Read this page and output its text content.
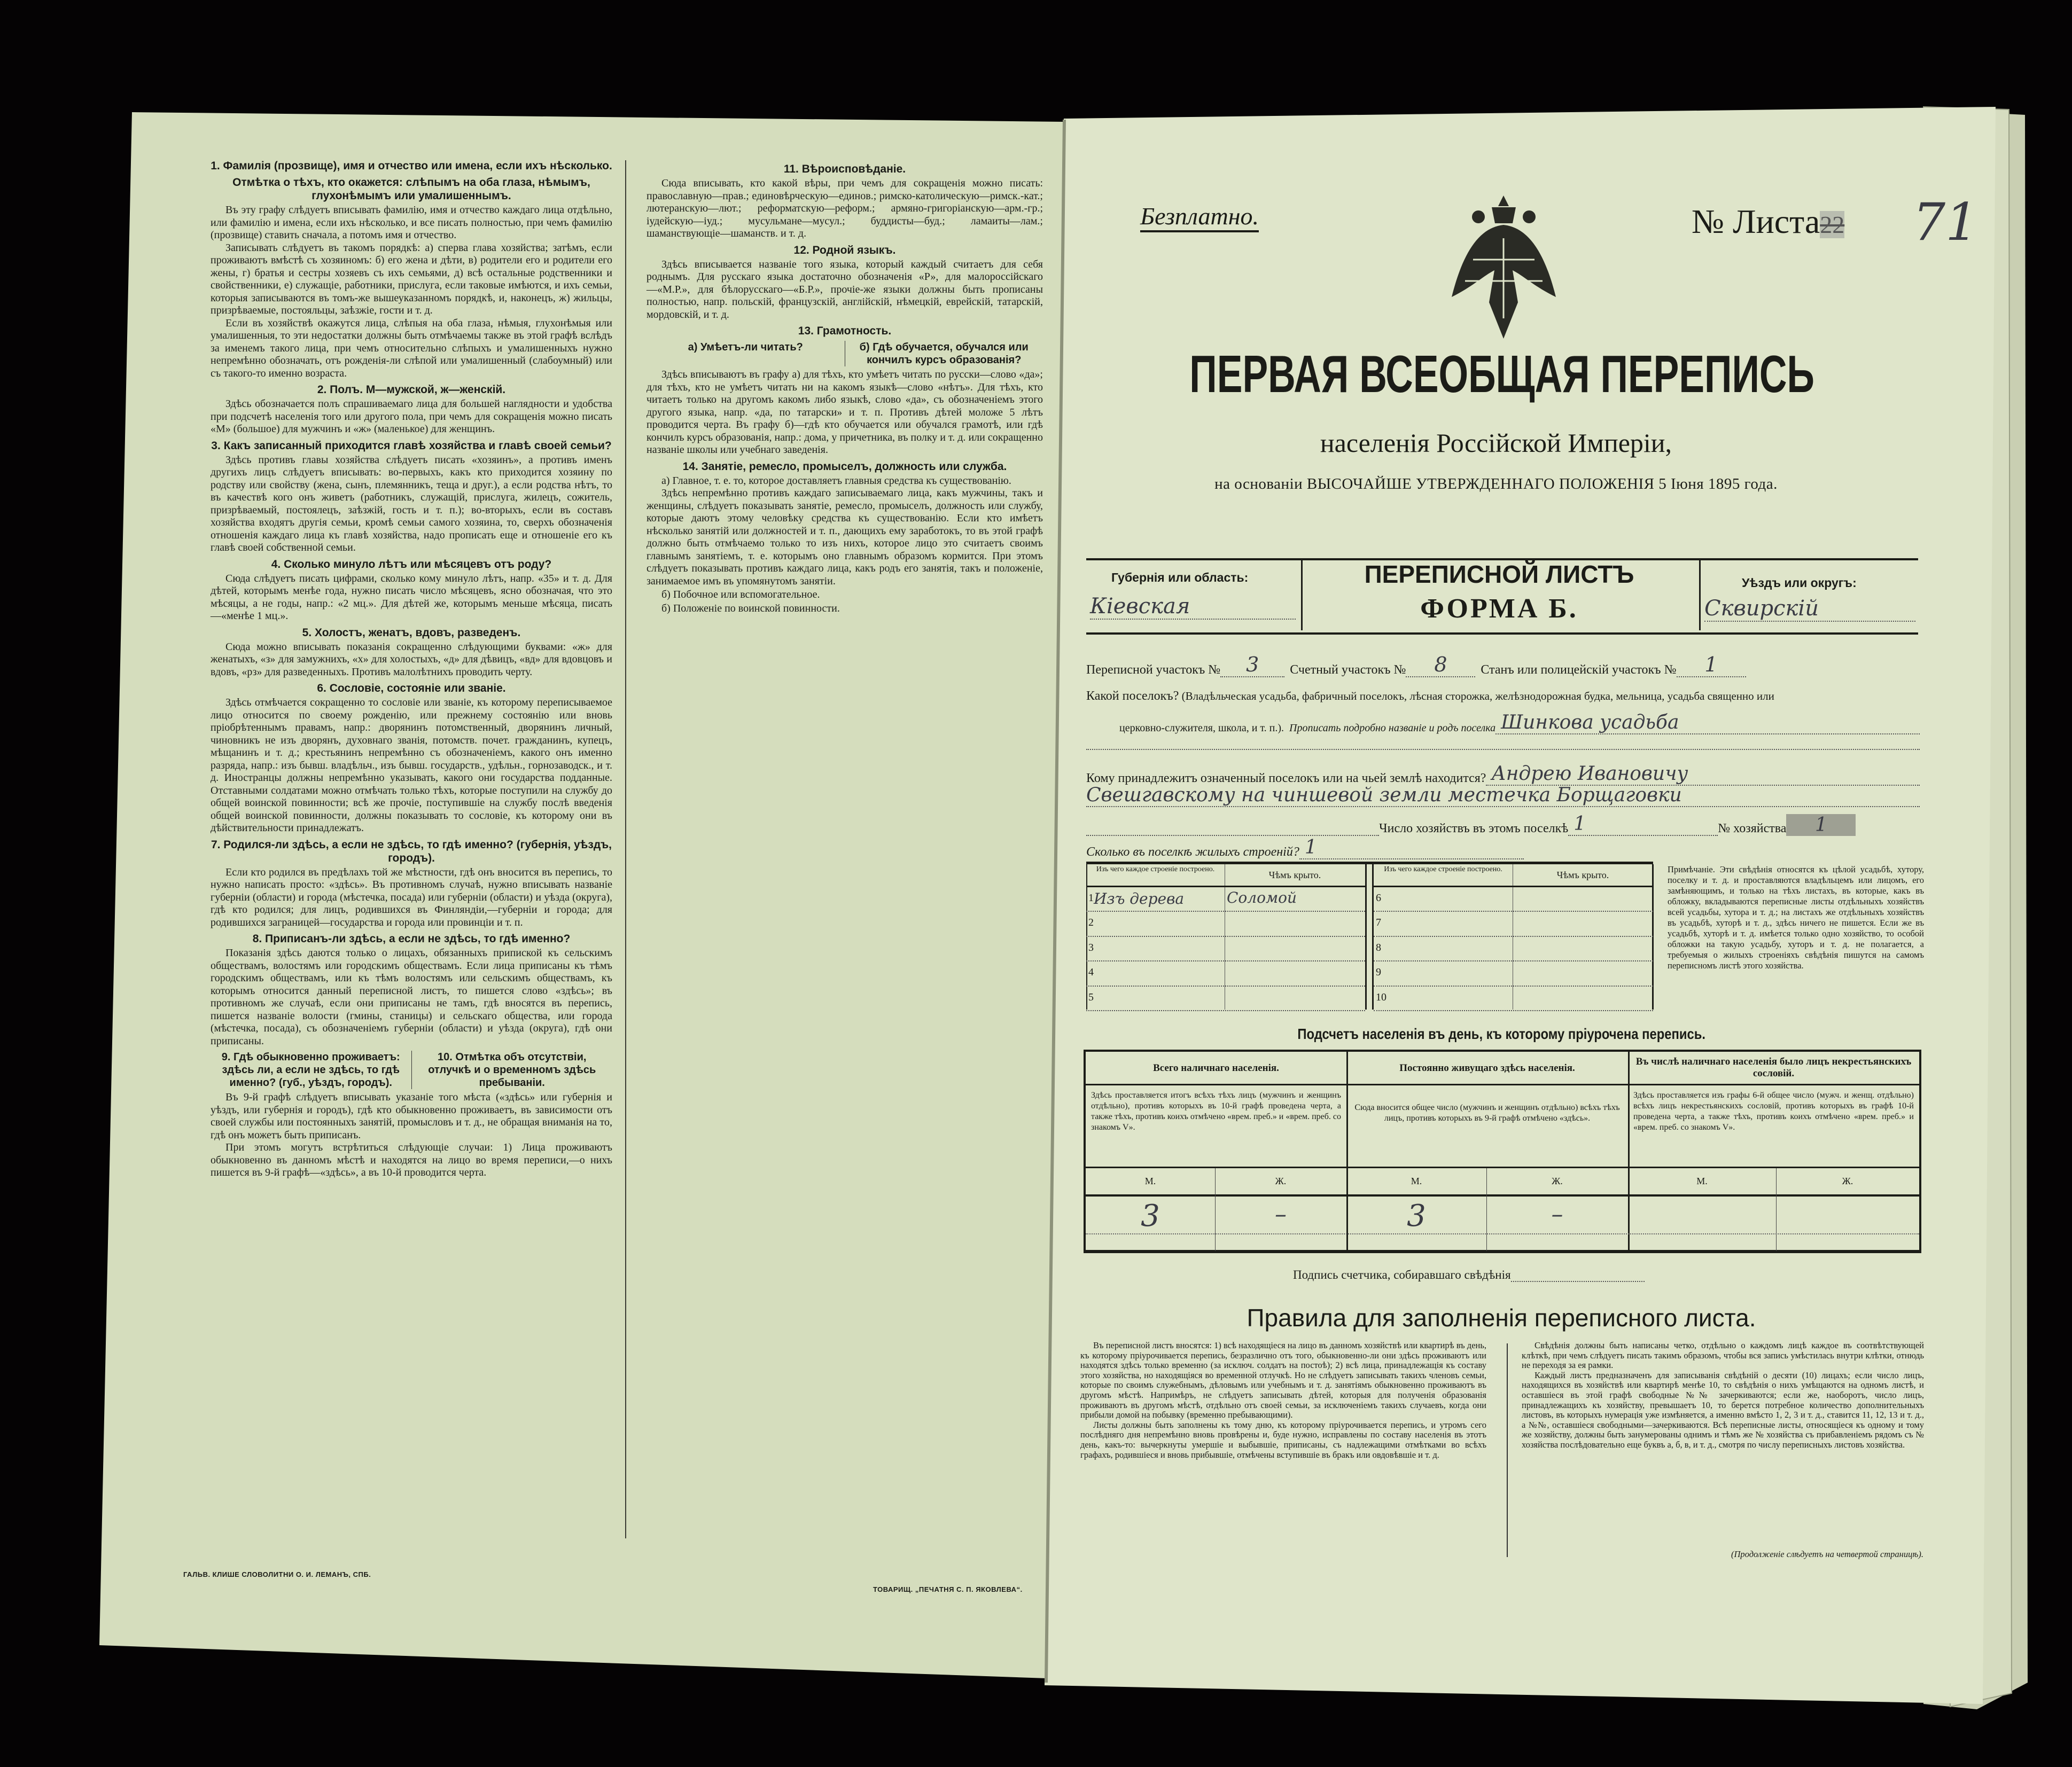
1. Фамилія (прозвище), имя и отчество или имена, если ихъ нѣсколько.
Отмѣтка о тѣхъ, кто окажется: слѣпымъ на оба глаза, нѣмымъ, глухонѣмымъ или умалишеннымъ.

Въ эту графу слѣдуетъ вписывать фамилію, имя и отчество каждаго лица отдѣльно, или фамилію и имена, если ихъ нѣсколько, и все писать полностью, при чемъ фамилію (прозвище) ставить сначала, а потомъ имя и отчество.

Записывать слѣдуетъ въ такомъ порядкѣ: а) сперва глава хозяйства; затѣмъ, если проживаютъ вмѣстѣ съ хозяиномъ: б) его жена и дѣти, в) родители его и родители его жены, г) братья и сестры хозяевъ съ ихъ семьями, д) всѣ остальные родственники и свойственники, е) служащіе, работники, прислуга, если таковые имѣются, и ихъ семьи, которыя записываются въ томъ-же вышеуказанномъ порядкѣ, и, наконецъ, ж) жильцы, призрѣваемые, постояльцы, заѣзжіе, гости и т. д.

Если въ хозяйствѣ окажутся лица, слѣпыя на оба глаза, нѣмыя, глухонѣмыя или умалишенныя, то эти недостатки должны быть отмѣчаемы также въ этой графѣ вслѣдъ за именемъ такого лица, при чемъ относительно слѣпыхъ и умалишенныхъ нужно непремѣнно обозначать, отъ рожденія-ли слѣпой или умалишенный (слабоумный) или съ такого-то именно возраста.

2. Полъ. М—мужской, ж—женскій.

Здѣсь обозначается полъ спрашиваемаго лица для большей наглядности и удобства при подсчетѣ населенія того или другого пола, при чемъ для сокращенія можно писать «М» (большое) для мужчинъ и «ж» (маленькое) для женщинъ.

3. Какъ записанный приходится главѣ хозяйства и главѣ своей семьи?

Здѣсь противъ главы хозяйства слѣдуетъ писать «хозяинъ», а противъ именъ другихъ лицъ слѣдуетъ вписывать: во-первыхъ, какъ кто приходится хозяину по родству или свойству (жена, сынъ, племянникъ, теща и друг.), а если родства нѣтъ, то въ качествѣ кого онъ живетъ (работникъ, служащій, прислуга, жилецъ, сожитель, призрѣваемый, постоялецъ, заѣзжій, гость и т. п.); во-вторыхъ, если въ составъ хозяйства входятъ другія семьи, кромѣ семьи самого хозяина, то, сверхъ обозначенія отношенія каждаго лица къ главѣ хозяйства, надо прописать еще и отношеніе его къ главѣ своей собственной семьи.

4. Сколько минуло лѣтъ или мѣсяцевъ отъ роду?

Сюда слѣдуетъ писать цифрами, сколько кому минуло лѣтъ, напр. «35» и т. д. Для дѣтей, которымъ менѣе года, нужно писать число мѣсяцевъ, ясно обозначая, что это мѣсяцы, а не годы, напр.: «2 мц.». Для дѣтей же, которымъ меньше мѣсяца, писать—«менѣе 1 мц.».

5. Холостъ, женатъ, вдовъ, разведенъ.

Сюда можно вписывать показанія сокращенно слѣдующими буквами: «ж» для женатыхъ, «з» для замужнихъ, «х» для холостыхъ, «д» для дѣвицъ, «вд» для вдовцовъ и вдовъ, «рз» для разведенныхъ. Противъ малолѣтнихъ проводить черту.

6. Сословіе, состояніе или званіе.

Здѣсь отмѣчается сокращенно то сословіе или званіе, къ которому переписываемое лицо относится по своему рожденію, или прежнему состоянію или вновь пріобрѣтеннымъ правамъ, напр.: дворянинъ потомственный, дворянинъ личный, чиновникъ не изъ дворянъ, духовнаго званія, потомств. почет. гражданинъ, купецъ, мѣщанинъ и т. д.; крестьянинъ непремѣнно съ обозначеніемъ, какого онъ именно разряда, напр.: изъ бывш. владѣльч., изъ бывш. государств., удѣльн., горнозаводск., и т. д. Иностранцы должны непремѣнно указывать, какого они государства подданные. Отставными солдатами можно отмѣчать только тѣхъ, которые поступили на службу до общей воинской повинности; всѣ же прочіе, поступившіе на службу послѣ введенія общей воинской повинности, должны показывать то сословіе, къ которому они въ дѣйствительности принадлежатъ.

7. Родился-ли здѣсь, а если не здѣсь, то гдѣ именно? (губернія, уѣздъ, городъ).

Если кто родился въ предѣлахъ той же мѣстности, гдѣ онъ вносится въ перепись, то нужно написать просто: «здѣсь». Въ противномъ случаѣ, нужно вписывать названіе губерніи (области) и города (мѣстечка, посада) или губерніи (области) и уѣзда (округа), гдѣ кто родился; для лицъ, родившихся въ Финляндіи,—губерніи и города; для родившихся заграницей—государства и города или провинціи и т. п.

8. Приписанъ-ли здѣсь, а если не здѣсь, то гдѣ именно?

Показанія здѣсь даются только о лицахъ, обязанныхъ припиской къ сельскимъ обществамъ, волостямъ или городскимъ обществамъ. Если лица приписаны къ тѣмъ городскимъ обществамъ, или къ тѣмъ волостямъ или сельскимъ обществамъ, къ которымъ относится данный переписной листъ, то пишется слово «здѣсь»; въ противномъ же случаѣ, если они приписаны не тамъ, гдѣ вносятся въ перепись, пишется названіе волости (гмины, станицы) и сельскаго общества, или города (мѣстечка, посада), съ обозначеніемъ губерніи (области) и уѣзда (округа), гдѣ они приписаны.

9. Гдѣ обыкновенно проживаетъ: здѣсь ли, а если не здѣсь, то гдѣ именно? (губ., уѣздъ, городъ).
10. Отмѣтка объ отсутствіи, отлучкѣ и о временномъ здѣсь пребываніи.

Въ 9-й графѣ слѣдуетъ вписывать указаніе того мѣста («здѣсь» или губернія и уѣздъ, или губернія и городъ), гдѣ кто обыкновенно проживаетъ, въ зависимости отъ своей службы или постоянныхъ занятій, промысловъ и т. д., не обращая вниманія на то, гдѣ онъ можетъ быть приписанъ.

При этомъ могутъ встрѣтиться слѣдующіе случаи: 1) Лица проживаютъ обыкновенно въ данномъ мѣстѣ и находятся на лицо во время переписи,—о нихъ пишется въ 9-й графѣ—«здѣсь», а въ 10-й проводится черта.

11. Вѣроисповѣданіе.

Сюда вписывать, кто какой вѣры, при чемъ для сокращенія можно писать: православную—прав.; единовѣрческую—единов.; римско-католическую—римск.-кат.; лютеранскую—лют.; реформатскую—реформ.; армяно-григоріанскую—арм.-гр.; іудейскую—іуд.; мусульмане—мусул.; буддисты—буд.; ламаиты—лам.; шаманствующіе—шаманств. и т. д.

12. Родной языкъ.

Здѣсь вписывается названіе того языка, который каждый считаетъ для себя роднымъ. Для русскаго языка достаточно обозначенія «Р», для малороссійскаго—«М.Р.», для бѣлорусскаго—«Б.Р.», прочіе-же языки должны быть прописаны полностью, напр. польскій, французскій, англійскій, нѣмецкій, еврейскій, татарскій, мордовскій, и т. д.

13. Грамотность.
а) Умѣетъ-ли читать?	б) Гдѣ обучается, обучался или кончилъ курсъ образованія?

Здѣсь вписываютъ въ графу а) для тѣхъ, кто умѣетъ читать по русски—слово «да»; для тѣхъ, кто не умѣетъ читать ни на какомъ языкѣ—слово «нѣтъ». Для тѣхъ, кто читаетъ только на другомъ какомъ либо языкѣ, слово «да», съ обозначеніемъ этого другого языка, напр. «да, по татарски» и т. п. Противъ дѣтей моложе 5 лѣтъ проводится черта. Въ графу б)—гдѣ кто обучается или обучался грамотѣ, или гдѣ кончилъ курсъ образованія, напр.: дома, у причетника, въ полку и т. д. или сокращенно названіе школы или учебнаго заведенія.

14. Занятіе, ремесло, промыселъ, должность или служба.

а) Главное, т. е. то, которое доставляетъ главныя средства къ существованію.

Здѣсь непремѣнно противъ каждаго записываемаго лица, какъ мужчины, такъ и женщины, слѣдуетъ показывать занятіе, ремесло, промыселъ, должность или службу, которые даютъ этому человѣку средства къ существованію. Если кто имѣетъ нѣсколько занятій или должностей и т. п., дающихъ ему заработокъ, то въ этой графѣ должно быть отмѣчаемо только то изъ нихъ, которое лицо это считаетъ своимъ главнымъ занятіемъ, т. е. которымъ оно главнымъ образомъ кормится. При этомъ слѣдуетъ показывать противъ каждаго лица, какъ родъ его занятія, такъ и положеніе, занимаемое имъ въ упомянутомъ занятіи.

б) Побочное или вспомогательное.
б) Положеніе по воинской повинности.
ГАЛЬВ. КЛИШЕ СЛОВОЛИТНИ О. И. ЛЕМАНЪ, СПБ.
ТОВАРИЩ. „ПЕЧАТНЯ С. П. ЯКОВЛЕВА“.
Безплатно.	№ Листа22 71
ПЕРВАЯ ВСЕОБЩАЯ ПЕРЕПИСЬ
населенія Россійской Имперіи,
на основаніи ВЫСОЧАЙШЕ УТВЕРЖДЕННАГО ПОЛОЖЕНІЯ 5 Іюня 1895 года.
Губернія или область:
Кіевская
ПЕРЕПИСНОЙ ЛИСТЪ
ФОРМА Б.
Уѣздъ или округъ:
Сквирскій
Переписной участокъ №	3	Счетный участокъ №	8	Станъ или полицейскій участокъ №	1
Какой поселокъ? (Владѣльческая усадьба, фабричный поселокъ, лѣсная сторожка, желѣзнодорожная будка, мельница, усадьба священно или
церковно-служителя, школа, и т. п.). Прописать подробно названіе и родъ поселка Шинкова усадьба
Кому принадлежитъ означенный поселокъ или на чьей землѣ находится? Андрею Ивановичу
Свешгавскому на чиншевой земли местечка Борщаговки
Число хозяйствъ въ этомъ поселкѣ 1	№ хозяйства	1
Сколько въ поселкѣ жилыхъ строеній? 1
Изъ чего каждое строеніе построено.
Чѣмъ крыто.
Изъ чего каждое строеніе построено.
Чѣмъ крыто.
1 Изъ дерева	Соломой
2
3
4
5
6
7
8
9
10
Примѣчаніе. Эти свѣдѣнія относятся къ цѣлой усадьбѣ, хутору, поселку и т. д. и проставляются владѣльцемъ или лицомъ, его замѣняющимъ, и только на тѣхъ листахъ, въ которые, какъ въ обложку, вкладываются переписные листы отдѣльныхъ хозяйствъ всей усадьбы, хутора и т. д.; на листахъ же отдѣльныхъ хозяйствъ въ усадьбѣ, хуторѣ и т. д., здѣсь ничего не пишется. Если же въ усадьбѣ, хуторѣ и т. д. имѣется только одно хозяйство, то особой обложки на такую усадьбу, хуторъ и т. д. не полагается, а требуемыя о жилыхъ строеніяхъ свѣдѣнія пишутся на самомъ переписномъ листѣ этого хозяйства.
Подсчетъ населенія въ день, къ которому пріурочена перепись.
Всего наличнаго населенія.
Здѣсь проставляется итогъ всѣхъ тѣхъ лицъ (мужчинъ и женщинъ отдѣльно), противъ которыхъ въ 10-й графѣ проведена черта, а также тѣхъ, противъ коихъ отмѣчено «врем. преб.» и «врем. преб. со знакомъ V».
М.	Ж.
3	–
Постоянно живущаго здѣсь населенія.
Сюда вносится общее число (мужчинъ и женщинъ отдѣльно) всѣхъ тѣхъ лицъ, противъ которыхъ въ 9-й графѣ отмѣчено «здѣсь».
М.	Ж.
3	–
Въ числѣ наличнаго населенія было лицъ некрестьянскихъ сословій.
Здѣсь проставляется изъ графы 6-й общее число (мужч. и женщ. отдѣльно) всѣхъ лицъ некрестьянскихъ сословій, противъ которыхъ въ графѣ 10-й проведена черта, а также тѣхъ, противъ коихъ отмѣчено «врем. преб.» и «врем. преб. со знакомъ V».
М.	Ж.
Подпись счетчика, собиравшаго свѣдѣнія
Правила для заполненія переписного листа.

Въ переписной листъ вносятся: 1) всѣ находящіеся на лицо въ данномъ хозяйствѣ или квартирѣ въ день, къ которому пріурочивается перепись, безразлично отъ того, обыкновенно-ли они здѣсь проживаютъ или находятся здѣсь только временно (за исключ. солдатъ на постоѣ); 2) всѣ лица, принадлежащія къ составу этого хозяйства, но находящіяся во временной отлучкѣ. Но не слѣдуетъ записывать такихъ членовъ семьи, которые по своимъ служебнымъ, дѣловымъ или учебнымъ и т. д. занятіямъ обыкновенно проживаютъ въ другомъ мѣстѣ. Напримѣръ, не слѣдуетъ записывать дѣтей, которыя для полученія образованія проживаютъ въ другомъ мѣстѣ, отдѣльно отъ своей семьи, за исключеніемъ такихъ случаевъ, когда они прибыли домой на побывку (временно пребывающими).

Листы должны быть заполнены къ тому дню, къ которому пріурочивается перепись, и утромъ сего послѣдняго дня непремѣнно вновь провѣрены и, буде нужно, исправлены по составу населенія въ этотъ день, какъ-то: вычеркнуты умершіе и выбывшіе, приписаны, съ надлежащими отмѣтками во всѣхъ графахъ, родившіеся и вновь прибывшіе, отмѣчены вступившіе въ бракъ или овдовѣвшіе и т. д.

Свѣдѣнія должны быть написаны четко, отдѣльно о каждомъ лицѣ каждое въ соотвѣтствующей клѣткѣ, при чемъ слѣдуетъ писать такимъ образомъ, чтобы вся запись умѣстилась внутри клѣтки, отнюдь не переходя за ея рамки.

Каждый листъ предназначенъ для записыванія свѣдѣній о десяти (10) лицахъ; если число лицъ, находящихся въ хозяйствѣ или квартирѣ менѣе 10, то свѣдѣнія о нихъ умѣщаются на одномъ листѣ, и оставшіеся въ этой графѣ свободные №№ зачеркиваются; если же, наоборотъ, число лицъ, принадлежащихъ къ хозяйству, превышаетъ 10, то берется потребное количество дополнительныхъ листовъ, въ которыхъ нумерація уже измѣняется, а именно вмѣсто 1, 2, 3 и т. д., ставится 11, 12, 13 и т. д., а №№, оставшіеся свободными—зачеркиваются. Всѣ переписные листы, относящіеся къ одному и тому же хозяйству, должны быть занумерованы однимъ и тѣмъ же № хозяйства съ прибавленіемъ рядомъ съ № хозяйства послѣдовательно еще буквъ а, б, в, и т. д., смотря по числу переписныхъ листовъ хозяйства.

(Продолженіе слѣдуетъ на четвертой страницѣ).
